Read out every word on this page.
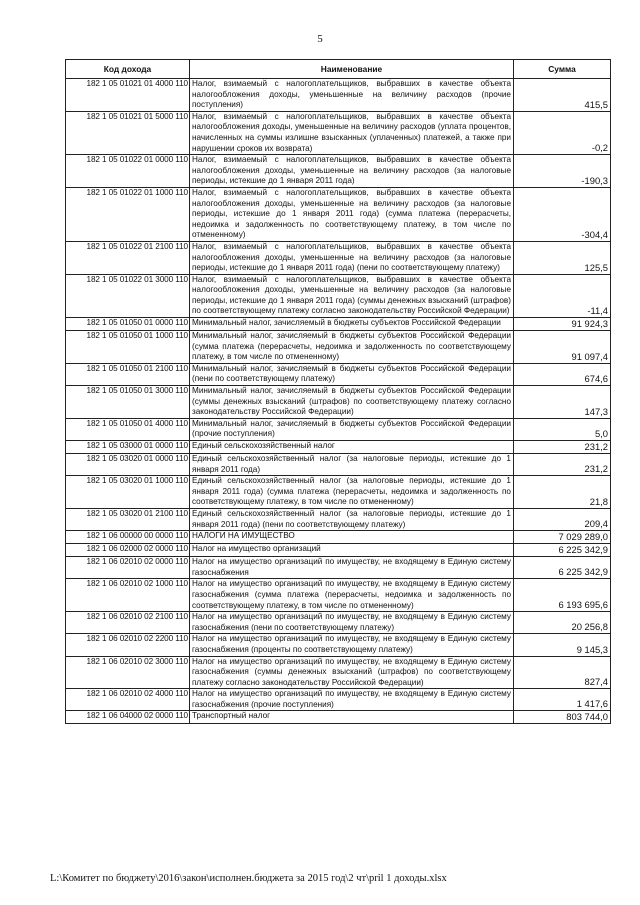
5
Код дохода	Наименование	Сумма
182 1 05 01021 01 4000 110	Налог, взимаемый с налогоплательщиков, выбравших в качестве объекта налогообложения доходы, уменьшенные на величину расходов (прочие поступления)	415,5
182 1 05 01021 01 5000 110	Налог, взимаемый с налогоплательщиков, выбравших в качестве объекта налогообложения доходы, уменьшенные на величину расходов (уплата процентов, начисленных на суммы излишне взысканных (уплаченных) платежей, а также при нарушении сроков их возврата)	-0,2
182 1 05 01022 01 0000 110	Налог, взимаемый с налогоплательщиков, выбравших в качестве объекта налогообложения доходы, уменьшенные на величину расходов (за налоговые периоды, истекшие до 1 января 2011 года)	-190,3
182 1 05 01022 01 1000 110	Налог, взимаемый с налогоплательщиков, выбравших в качестве объекта налогообложения доходы, уменьшенные на величину расходов (за налоговые периоды, истекшие до 1 января 2011 года) (сумма платежа (перерасчеты, недоимка и задолженность по соответствующему платежу, в том числе по отмененному)	-304,4
182 1 05 01022 01 2100 110	Налог, взимаемый с налогоплательщиков, выбравших в качестве объекта налогообложения доходы, уменьшенные на величину расходов (за налоговые периоды, истекшие до 1 января 2011 года) (пени по соответствующему платежу)	125,5
182 1 05 01022 01 3000 110	Налог, взимаемый с налогоплательщиков, выбравших в качестве объекта налогообложения доходы, уменьшенные на величину расходов (за налоговые периоды, истекшие до 1 января 2011 года) (суммы денежных взысканий (штрафов) по соответствующему платежу согласно законодательству Российской Федерации)	-11,4
182 1 05 01050 01 0000 110	Минимальный налог, зачисляемый в бюджеты субъектов Российской Федерации	91 924,3
182 1 05 01050 01 1000 110	Минимальный налог, зачисляемый в бюджеты субъектов Российской Федерации (сумма платежа (перерасчеты, недоимка и задолженность по соответствующему платежу, в том числе по отмененному)	91 097,4
182 1 05 01050 01 2100 110	Минимальный налог, зачисляемый в бюджеты субъектов Российской Федерации (пени по соответствующему платежу)	674,6
182 1 05 01050 01 3000 110	Минимальный налог, зачисляемый в бюджеты субъектов Российской Федерации (суммы денежных взысканий (штрафов) по соответствующему платежу согласно законодательству Российской Федерации)	147,3
182 1 05 01050 01 4000 110	Минимальный налог, зачисляемый в бюджеты субъектов Российской Федерации (прочие поступления)	5,0
182 1 05 03000 01 0000 110	Единый сельскохозяйственный налог	231,2
182 1 05 03020 01 0000 110	Единый сельскохозяйственный налог (за налоговые периоды, истекшие до 1 января 2011 года)	231,2
182 1 05 03020 01 1000 110	Единый сельскохозяйственный налог (за налоговые периоды, истекшие до 1 января 2011 года) (сумма платежа (перерасчеты, недоимка и задолженность по соответствующему платежу, в том числе по отмененному)	21,8
182 1 05 03020 01 2100 110	Единый сельскохозяйственный налог (за налоговые периоды, истекшие до 1 января 2011 года) (пени по соответствующему платежу)	209,4
182 1 06 00000 00 0000 110	НАЛОГИ НА ИМУЩЕСТВО	7 029 289,0
182 1 06 02000 02 0000 110	Налог на имущество организаций	6 225 342,9
182 1 06 02010 02 0000 110	Налог на имущество организаций по имуществу, не входящему в Единую систему газоснабжения	6 225 342,9
182 1 06 02010 02 1000 110	Налог на имущество организаций по имуществу, не входящему в Единую систему газоснабжения (сумма платежа (перерасчеты, недоимка и задолженность по соответствующему платежу, в том числе по отмененному)	6 193 695,6
182 1 06 02010 02 2100 110	Налог на имущество организаций по имуществу, не входящему в Единую систему газоснабжения (пени по соответствующему платежу)	20 256,8
182 1 06 02010 02 2200 110	Налог на имущество организаций по имуществу, не входящему в Единую систему газоснабжения (проценты по соответствующему платежу)	9 145,3
182 1 06 02010 02 3000 110	Налог на имущество организаций по имуществу, не входящему в Единую систему газоснабжения (суммы денежных взысканий (штрафов) по соответствующему платежу согласно законодательству Российской Федерации)	827,4
182 1 06 02010 02 4000 110	Налог на имущество организаций по имуществу, не входящему в Единую систему газоснабжения (прочие поступления)	1 417,6
182 1 06 04000 02 0000 110	Транспортный налог	803 744,0
L:\Комитет по бюджету\2016\закон\исполнен.бюджета за 2015 год\2 чт\pril 1 доходы.xlsx
